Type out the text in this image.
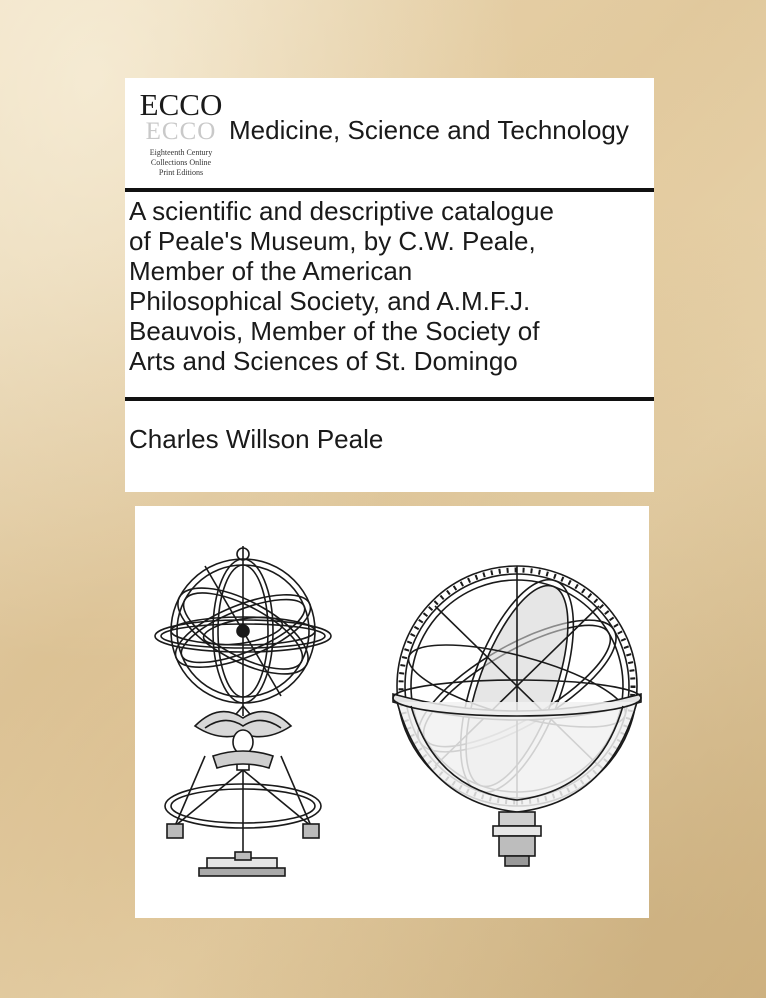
ECCO
ECCO
Eighteenth Century
Collections Online
Print Editions
Medicine, Science and Technology
A scientific and descriptive catalogue
of Peale's Museum, by C.W. Peale,
Member of the American
Philosophical Society, and A.M.F.J.
Beauvois, Member of the Society of
Arts and Sciences of St. Domingo
Charles Willson Peale
